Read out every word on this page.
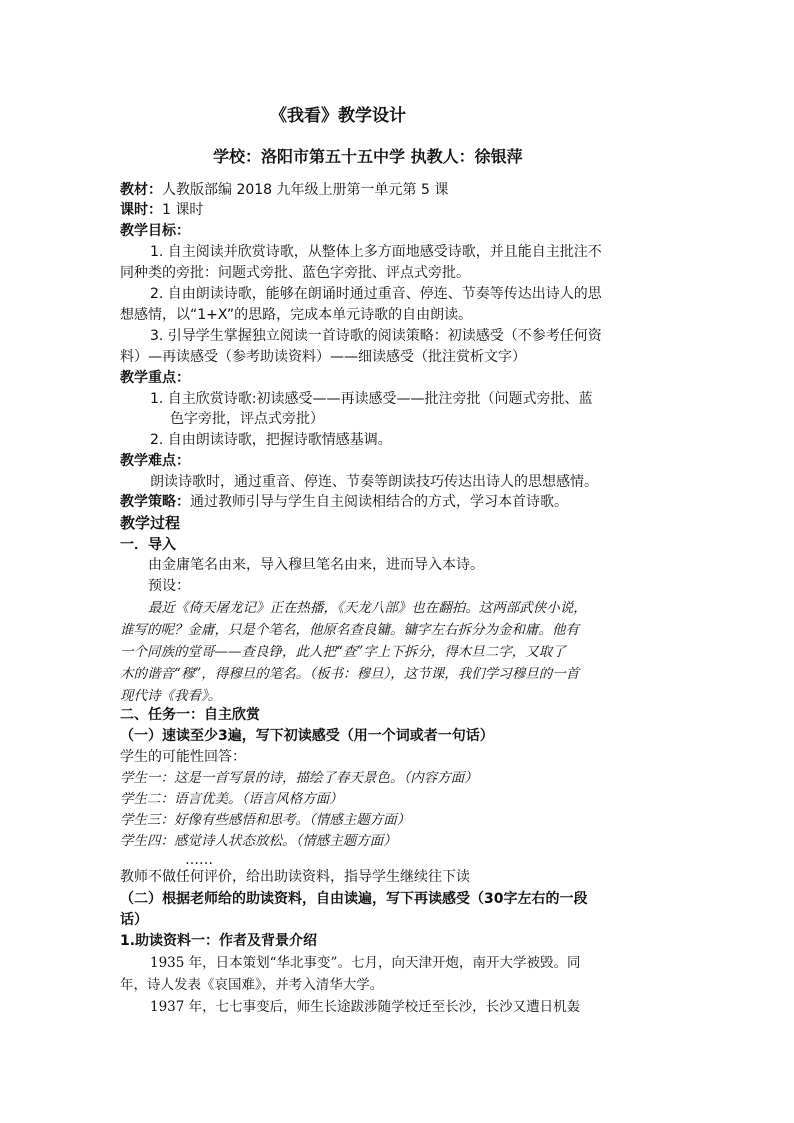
《我看》教学设计
学校：洛阳市第五十五中学 执教人：徐银萍
教材：人教版部编 2018 九年级上册第一单元第 5 课
课时：1 课时
教学目标：
1. 自主阅读并欣赏诗歌，从整体上多方面地感受诗歌，并且能自主批注不
同种类的旁批：问题式旁批、蓝色字旁批、评点式旁批。
2. 自由朗读诗歌，能够在朗诵时通过重音、停连、节奏等传达出诗人的思
想感情，以“1+X”的思路，完成本单元诗歌的自由朗读。
3. 引导学生掌握独立阅读一首诗歌的阅读策略：初读感受（不参考任何资
料）—再读感受（参考助读资料）——细读感受（批注赏析文字）
教学重点：
1. 自主欣赏诗歌:初读感受——再读感受——批注旁批（问题式旁批、蓝
色字旁批，评点式旁批）
2. 自由朗读诗歌，把握诗歌情感基调。
教学难点：
朗读诗歌时，通过重音、停连、节奏等朗读技巧传达出诗人的思想感情。
教学策略：通过教师引导与学生自主阅读相结合的方式，学习本首诗歌。
教学过程
一．导入
由金庸笔名由来，导入穆旦笔名由来，进而导入本诗。
预设：
最近《倚天屠龙记》正在热播，《天龙八部》也在翻拍。这两部武侠小说，
谁写的呢？金庸，只是个笔名，他原名查良镛。镛字左右拆分为金和庸。他有
一个同族的堂哥——查良铮，此人把“查”字上下拆分，得木旦二字，又取了
木的谐音“穆”，得穆旦的笔名。（板书：穆旦），这节课，我们学习穆旦的一首
现代诗《我看》。
二、任务一：自主欣赏
（一）速读至少3遍，写下初读感受（用一个词或者一句话）
学生的可能性回答：
学生一：这是一首写景的诗，描绘了春天景色。（内容方面）
学生二：语言优美。（语言风格方面）
学生三：好像有些感悟和思考。（情感主题方面）
学生四：感觉诗人状态放松。（情感主题方面）
……
教师不做任何评价，给出助读资料，指导学生继续往下读
（二）根据老师给的助读资料，自由读遍，写下再读感受（30字左右的一段
话）
1.助读资料一：作者及背景介绍
1935 年，日本策划“华北事变”。七月，向天津开炮，南开大学被毁。同
年，诗人发表《哀国难》，并考入清华大学。
1937 年，七七事变后，师生长途跋涉随学校迁至长沙，长沙又遭日机轰
